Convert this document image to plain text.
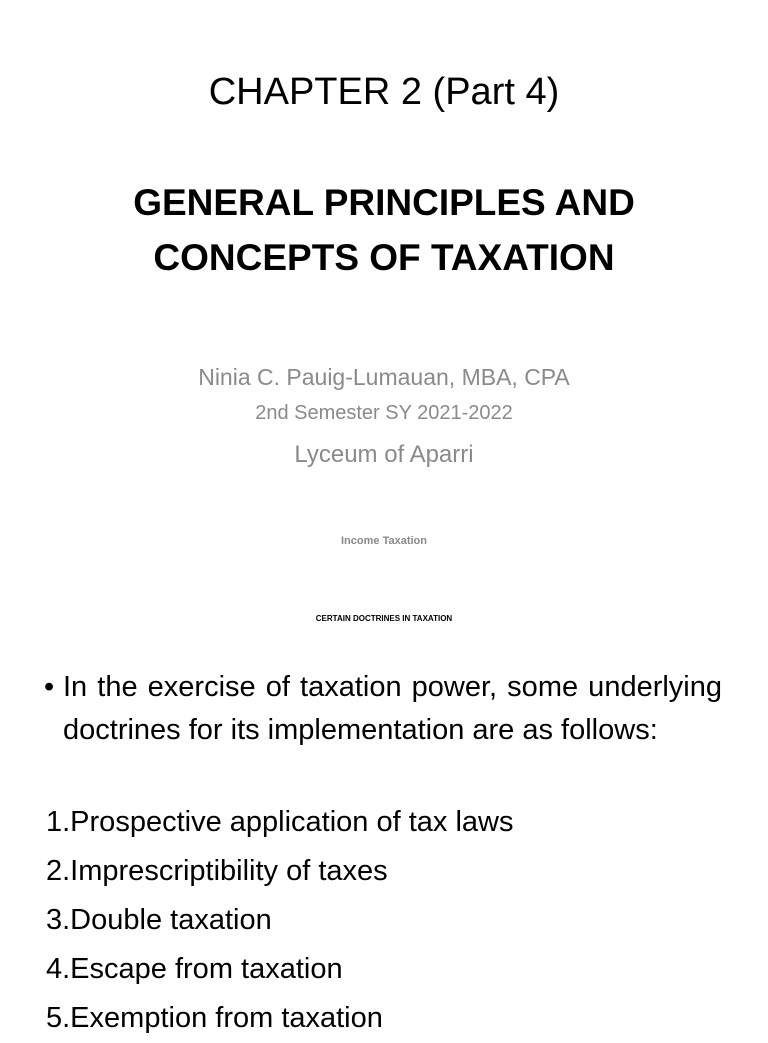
CHAPTER 2 (Part 4)
GENERAL PRINCIPLES AND
CONCEPTS OF TAXATION
Ninia C. Pauig-Lumauan, MBA, CPA
2nd Semester SY 2021-2022
Lyceum of Aparri
Income Taxation
CERTAIN DOCTRINES IN TAXATION
• In the exercise of taxation power, some underlying doctrines for its implementation are as follows:
1.Prospective application of tax laws
2.Imprescriptibility of taxes
3.Double taxation
4.Escape from taxation
5.Exemption from taxation
